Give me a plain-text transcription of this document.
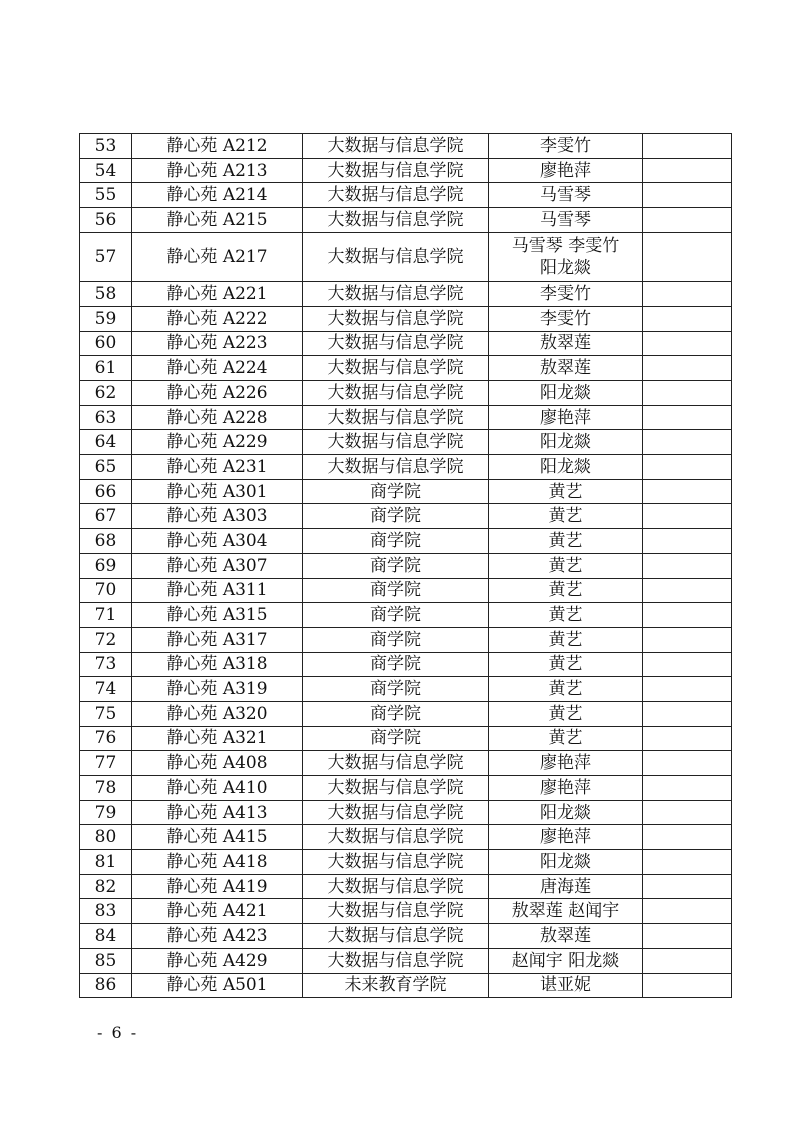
53	静心苑 A212	大数据与信息学院	李雯竹	
54	静心苑 A213	大数据与信息学院	廖艳萍	
55	静心苑 A214	大数据与信息学院	马雪琴	
56	静心苑 A215	大数据与信息学院	马雪琴	
57	静心苑 A217	大数据与信息学院	马雪琴 李雯竹
阳龙燚	

58	静心苑 A221	大数据与信息学院	李雯竹	
59	静心苑 A222	大数据与信息学院	李雯竹	
60	静心苑 A223	大数据与信息学院	敖翠莲	
61	静心苑 A224	大数据与信息学院	敖翠莲	
62	静心苑 A226	大数据与信息学院	阳龙燚	
63	静心苑 A228	大数据与信息学院	廖艳萍	
64	静心苑 A229	大数据与信息学院	阳龙燚	
65	静心苑 A231	大数据与信息学院	阳龙燚	
66	静心苑 A301	商学院	黄艺	
67	静心苑 A303	商学院	黄艺	
68	静心苑 A304	商学院	黄艺	
69	静心苑 A307	商学院	黄艺	
70	静心苑 A311	商学院	黄艺	
71	静心苑 A315	商学院	黄艺	
72	静心苑 A317	商学院	黄艺	
73	静心苑 A318	商学院	黄艺	
74	静心苑 A319	商学院	黄艺	
75	静心苑 A320	商学院	黄艺	
76	静心苑 A321	商学院	黄艺	
77	静心苑 A408	大数据与信息学院	廖艳萍	
78	静心苑 A410	大数据与信息学院	廖艳萍	
79	静心苑 A413	大数据与信息学院	阳龙燚	
80	静心苑 A415	大数据与信息学院	廖艳萍	
81	静心苑 A418	大数据与信息学院	阳龙燚	
82	静心苑 A419	大数据与信息学院	唐海莲	
83	静心苑 A421	大数据与信息学院	敖翠莲 赵闻宇	
84	静心苑 A423	大数据与信息学院	敖翠莲	
85	静心苑 A429	大数据与信息学院	赵闻宇 阳龙燚	
86	静心苑 A501	未来教育学院	谌亚妮	
- 6 -
